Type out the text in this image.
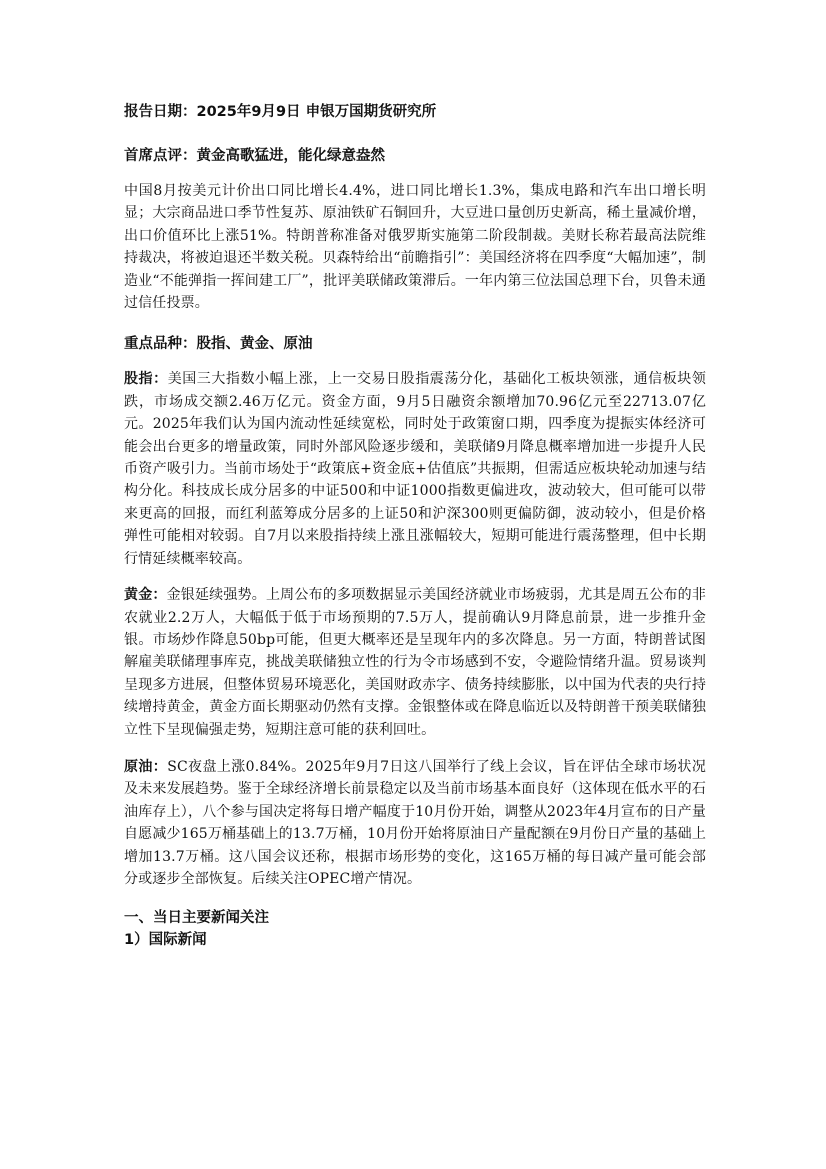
报告日期：2025年9月9日 申银万国期货研究所

首席点评：黄金高歌猛进，能化绿意盎然

中国8月按美元计价出口同比增长4.4%，进口同比增长1.3%，集成电路和汽车出口增长明显；大宗商品进口季节性复苏、原油铁矿石铜回升，大豆进口量创历史新高，稀土量减价增，出口价值环比上涨51%。特朗普称准备对俄罗斯实施第二阶段制裁。美财长称若最高法院维持裁决，将被迫退还半数关税。贝森特给出“前瞻指引”：美国经济将在四季度“大幅加速”，制造业“不能弹指一挥间建工厂”，批评美联储政策滞后。一年内第三位法国总理下台，贝鲁未通过信任投票。

重点品种：股指、黄金、原油

股指：美国三大指数小幅上涨，上一交易日股指震荡分化，基础化工板块领涨，通信板块领跌，市场成交额2.46万亿元。资金方面，9月5日融资余额增加70.96亿元至22713.07亿元。2025年我们认为国内流动性延续宽松，同时处于政策窗口期，四季度为提振实体经济可能会出台更多的增量政策，同时外部风险逐步缓和，美联储9月降息概率增加进一步提升人民币资产吸引力。当前市场处于“政策底+资金底+估值底”共振期，但需适应板块轮动加速与结构分化。科技成长成分居多的中证500和中证1000指数更偏进攻，波动较大，但可能可以带来更高的回报，而红利蓝筹成分居多的上证50和沪深300则更偏防御，波动较小，但是价格弹性可能相对较弱。自7月以来股指持续上涨且涨幅较大，短期可能进行震荡整理，但中长期行情延续概率较高。

黄金：金银延续强势。上周公布的多项数据显示美国经济就业市场疲弱，尤其是周五公布的非农就业2.2万人，大幅低于低于市场预期的7.5万人，提前确认9月降息前景，进一步推升金银。市场炒作降息50bp可能，但更大概率还是呈现年内的多次降息。另一方面，特朗普试图解雇美联储理事库克，挑战美联储独立性的行为令市场感到不安，令避险情绪升温。贸易谈判呈现多方进展，但整体贸易环境恶化，美国财政赤字、债务持续膨胀，以中国为代表的央行持续增持黄金，黄金方面长期驱动仍然有支撑。金银整体或在降息临近以及特朗普干预美联储独立性下呈现偏强走势，短期注意可能的获利回吐。

原油：SC夜盘上涨0.84%。2025年9月7日这八国举行了线上会议，旨在评估全球市场状况及未来发展趋势。鉴于全球经济增长前景稳定以及当前市场基本面良好（这体现在低水平的石油库存上），八个参与国决定将每日增产幅度于10月份开始，调整从2023年4月宣布的日产量自愿减少165万桶基础上的13.7万桶，10月份开始将原油日产量配额在9月份日产量的基础上增加13.7万桶。这八国会议还称，根据市场形势的变化，这165万桶的每日减产量可能会部分或逐步全部恢复。后续关注OPEC增产情况。

一、当日主要新闻关注

1）国际新闻
